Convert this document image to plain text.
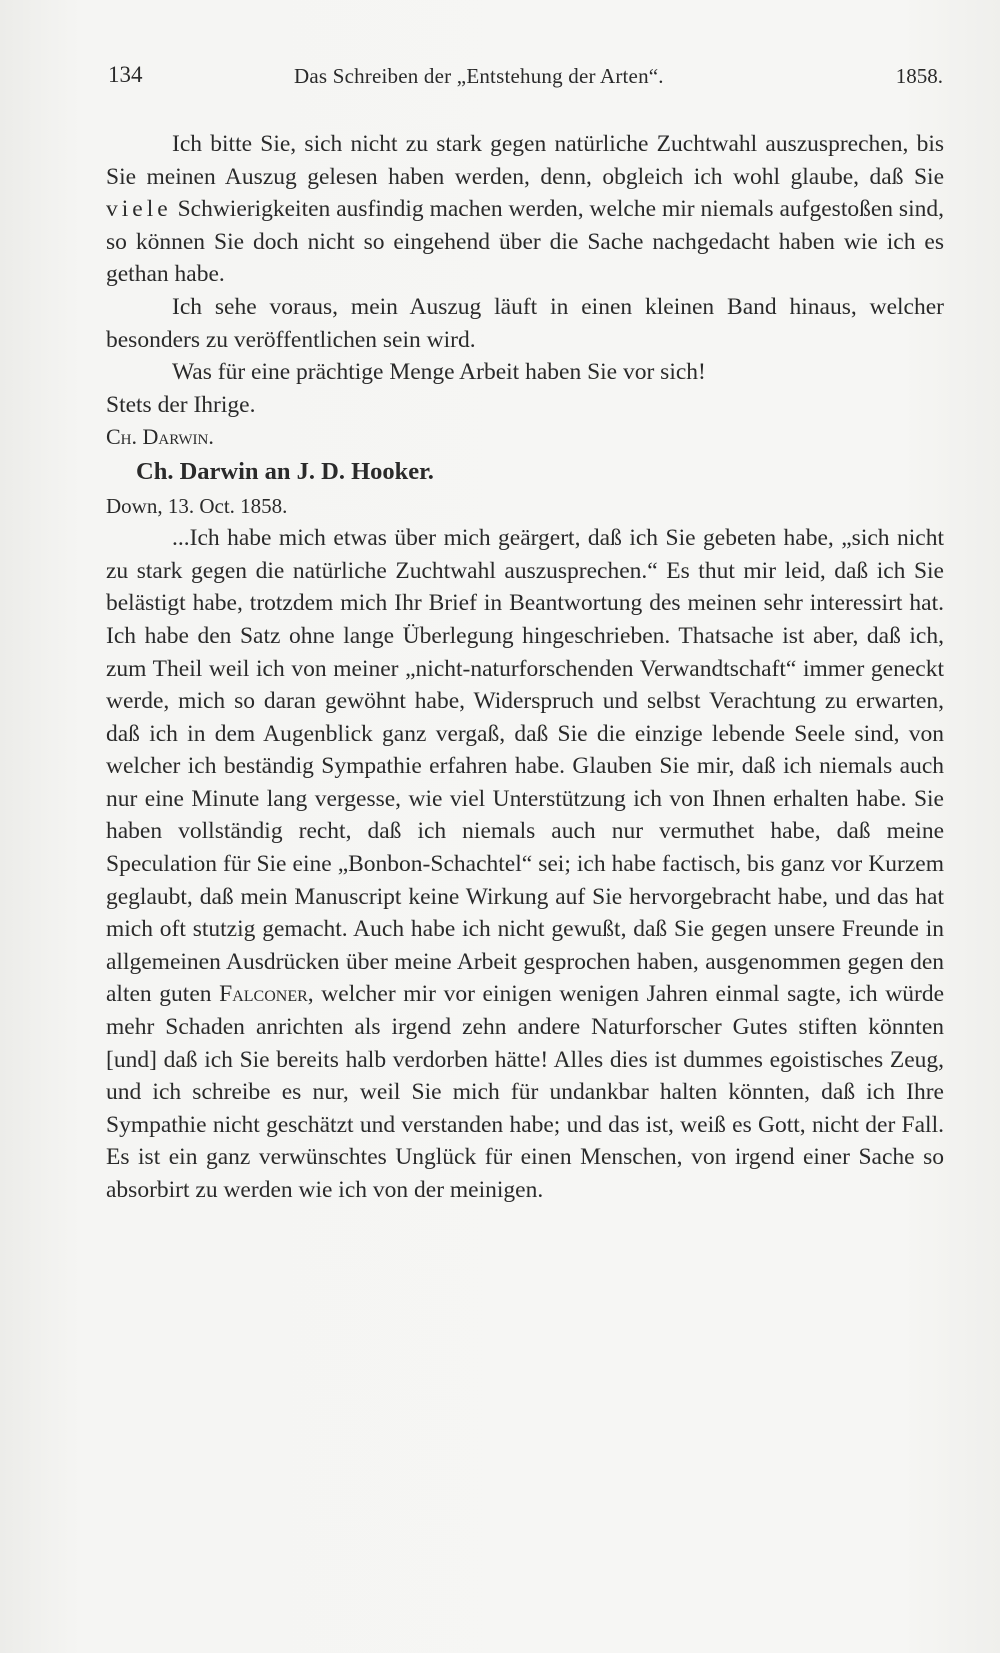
134	Das Schreiben der „Entstehung der Arten“.	1858.

Ich bitte Sie, sich nicht zu stark gegen natürliche Zuchtwahl auszusprechen, bis Sie meinen Auszug gelesen haben werden, denn, obgleich ich wohl glaube, daß Sie viele Schwierigkeiten ausfindig machen werden, welche mir niemals aufgestoßen sind, so können Sie doch nicht so eingehend über die Sache nachgedacht haben wie ich es gethan habe.

Ich sehe voraus, mein Auszug läuft in einen kleinen Band hinaus, welcher besonders zu veröffentlichen sein wird.

Was für eine prächtige Menge Arbeit haben Sie vor sich!

Stets der Ihrige.

Ch. Darwin.

Ch. Darwin an J. D. Hooker.

Down, 13. Oct. 1858.

...Ich habe mich etwas über mich geärgert, daß ich Sie gebeten habe, „sich nicht zu stark gegen die natürliche Zuchtwahl auszusprechen.“ Es thut mir leid, daß ich Sie belästigt habe, trotzdem mich Ihr Brief in Beantwortung des meinen sehr interessirt hat. Ich habe den Satz ohne lange Überlegung hingeschrieben. Thatsache ist aber, daß ich, zum Theil weil ich von meiner „nicht-naturforschenden Verwandtschaft“ immer geneckt werde, mich so daran gewöhnt habe, Widerspruch und selbst Verachtung zu erwarten, daß ich in dem Augenblick ganz vergaß, daß Sie die einzige lebende Seele sind, von welcher ich beständig Sympathie erfahren habe. Glauben Sie mir, daß ich niemals auch nur eine Minute lang vergesse, wie viel Unterstützung ich von Ihnen erhalten habe. Sie haben vollständig recht, daß ich niemals auch nur vermuthet habe, daß meine Speculation für Sie eine „Bonbon-Schachtel“ sei; ich habe factisch, bis ganz vor Kurzem geglaubt, daß mein Manuscript keine Wirkung auf Sie hervorgebracht habe, und das hat mich oft stutzig gemacht. Auch habe ich nicht gewußt, daß Sie gegen unsere Freunde in allgemeinen Ausdrücken über meine Arbeit gesprochen haben, ausgenommen gegen den alten guten Falconer, welcher mir vor einigen wenigen Jahren einmal sagte, ich würde mehr Schaden anrichten als irgend zehn andere Naturforscher Gutes stiften könnten [und] daß ich Sie bereits halb verdorben hätte! Alles dies ist dummes egoistisches Zeug, und ich schreibe es nur, weil Sie mich für undankbar halten könnten, daß ich Ihre Sympathie nicht geschätzt und verstanden habe; und das ist, weiß es Gott, nicht der Fall. Es ist ein ganz verwünschtes Unglück für einen Menschen, von irgend einer Sache so absorbirt zu werden wie ich von der meinigen.
